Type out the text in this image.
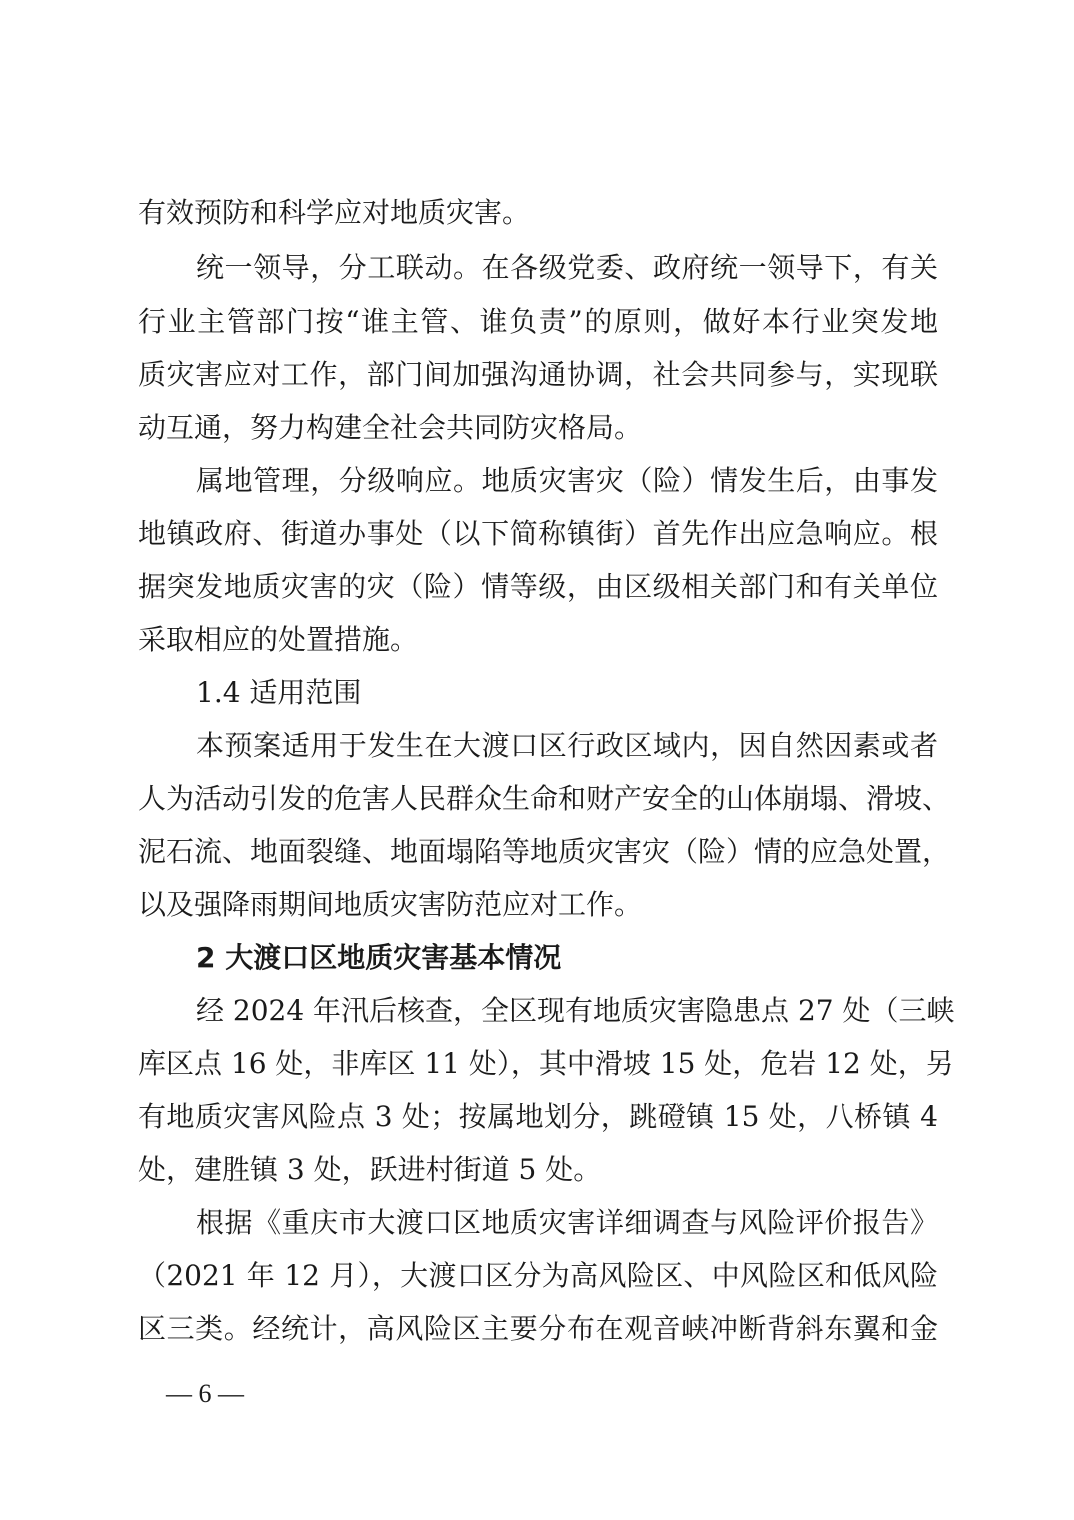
有效预防和科学应对地质灾害。
统一领导，分工联动。在各级党委、政府统一领导下，有关
行业主管部门按“谁主管、谁负责”的原则，做好本行业突发地
质灾害应对工作，部门间加强沟通协调，社会共同参与，实现联
动互通，努力构建全社会共同防灾格局。
属地管理，分级响应。地质灾害灾（险）情发生后，由事发
地镇政府、街道办事处（以下简称镇街）首先作出应急响应。根
据突发地质灾害的灾（险）情等级，由区级相关部门和有关单位
采取相应的处置措施。
1.4 适用范围
本预案适用于发生在大渡口区行政区域内，因自然因素或者
人为活动引发的危害人民群众生命和财产安全的山体崩塌、滑坡、
泥石流、地面裂缝、地面塌陷等地质灾害灾（险）情的应急处置，
以及强降雨期间地质灾害防范应对工作。
2 大渡口区地质灾害基本情况
经 2024 年汛后核查，全区现有地质灾害隐患点 27 处（三峡
库区点 16 处，非库区 11 处），其中滑坡 15 处，危岩 12 处，另
有地质灾害风险点 3 处；按属地划分，跳磴镇 15 处，八桥镇 4
处，建胜镇 3 处，跃进村街道 5 处。
根据《重庆市大渡口区地质灾害详细调查与风险评价报告》
（2021 年 12 月），大渡口区分为高风险区、中风险区和低风险
区三类。经统计，高风险区主要分布在观音峡冲断背斜东翼和金
— 6 —
